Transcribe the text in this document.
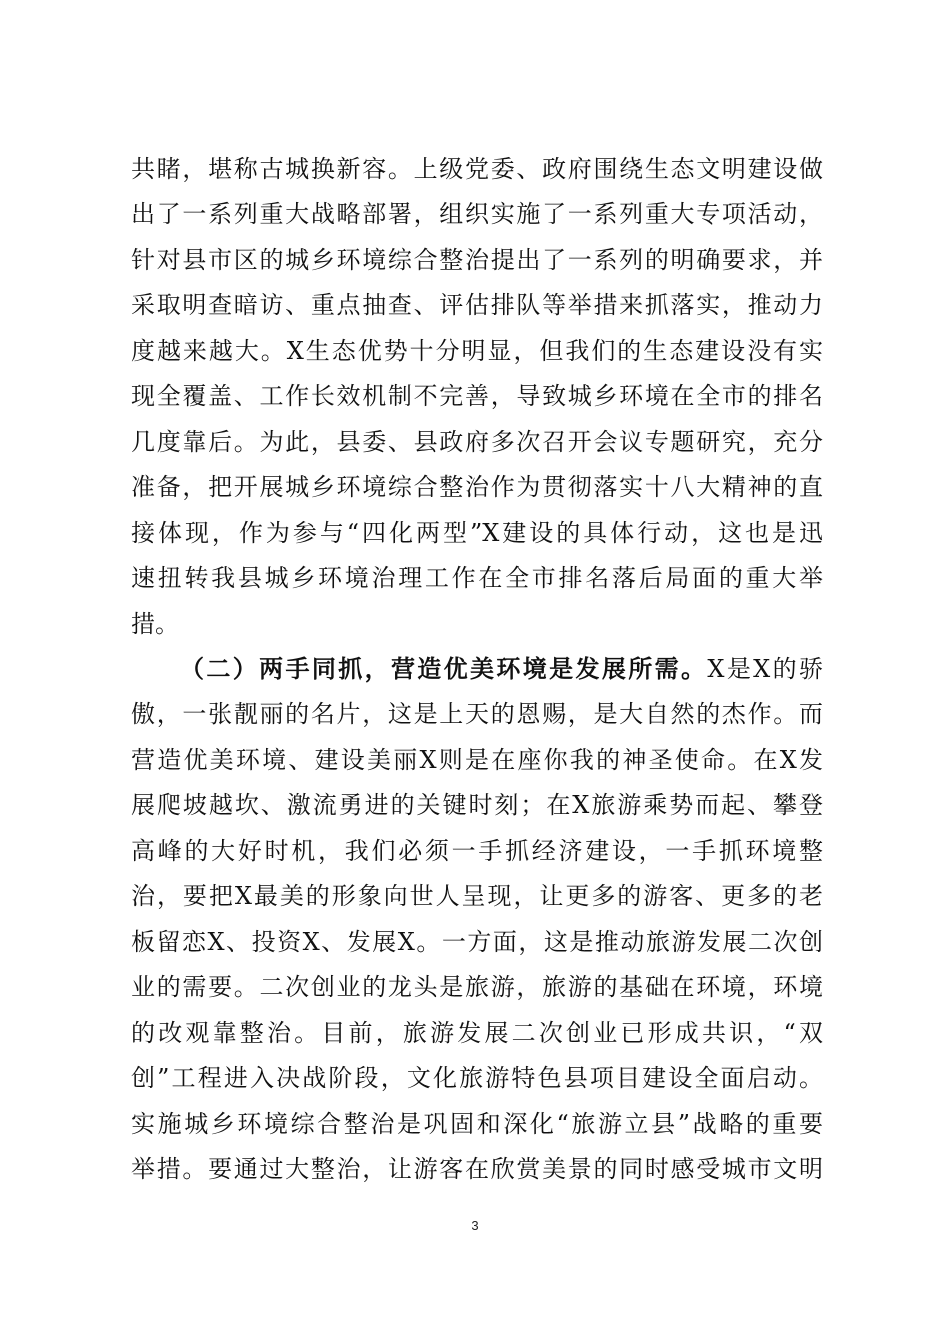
共睹，堪称古城换新容。上级党委、政府围绕生态文明建设做
出了一系列重大战略部署，组织实施了一系列重大专项活动，
针对县市区的城乡环境综合整治提出了一系列的明确要求，并
采取明查暗访、重点抽查、评估排队等举措来抓落实，推动力
度越来越大。X生态优势十分明显，但我们的生态建设没有实
现全覆盖、工作长效机制不完善，导致城乡环境在全市的排名
几度靠后。为此，县委、县政府多次召开会议专题研究，充分
准备，把开展城乡环境综合整治作为贯彻落实十八大精神的直
接体现，作为参与“四化两型”X建设的具体行动，这也是迅
速扭转我县城乡环境治理工作在全市排名落后局面的重大举
措。
（二）两手同抓，营造优美环境是发展所需。X是X的骄
傲，一张靓丽的名片，这是上天的恩赐，是大自然的杰作。而
营造优美环境、建设美丽X则是在座你我的神圣使命。在X发
展爬坡越坎、激流勇进的关键时刻；在X旅游乘势而起、攀登
高峰的大好时机，我们必须一手抓经济建设，一手抓环境整
治，要把X最美的形象向世人呈现，让更多的游客、更多的老
板留恋X、投资X、发展X。一方面，这是推动旅游发展二次创
业的需要。二次创业的龙头是旅游，旅游的基础在环境，环境
的改观靠整治。目前，旅游发展二次创业已形成共识，“双
创”工程进入决战阶段，文化旅游特色县项目建设全面启动。
实施城乡环境综合整治是巩固和深化“旅游立县”战略的重要
举措。要通过大整治，让游客在欣赏美景的同时感受城市文明
3
